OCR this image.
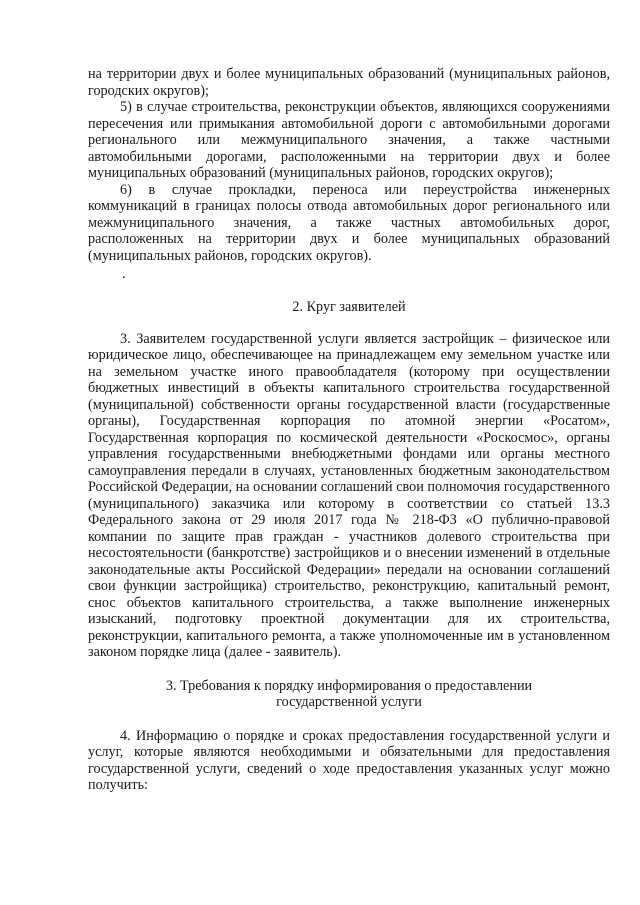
на территории двух и более муниципальных образований (муниципальных районов, городских округов);

5) в случае строительства, реконструкции объектов, являющихся сооружениями пересечения или примыкания автомобильной дороги с автомобильными дорогами регионального или межмуниципального значения, а также частными автомобильными дорогами, расположенными на территории двух и более муниципальных образований (муниципальных районов, городских округов);

6) в случае прокладки, переноса или переустройства инженерных коммуникаций в границах полосы отвода автомобильных дорог регионального или межмуниципального значения, а также частных автомобильных дорог, расположенных на территории двух и более муниципальных образований (муниципальных районов, городских округов).

.

2. Круг заявителей

3. Заявителем государственной услуги является застройщик – физическое или юридическое лицо, обеспечивающее на принадлежащем ему земельном участке или на земельном участке иного правообладателя (которому при осуществлении бюджетных инвестиций в объекты капитального строительства государственной (муниципальной) собственности органы государственной власти (государственные органы), Государственная корпорация по атомной энергии «Росатом», Государственная корпорация по космической деятельности «Роскосмос», органы управления государственными внебюджетными фондами или органы местного самоуправления передали в случаях, установленных бюджетным законодательством Российской Федерации, на основании соглашений свои полномочия государственного (муниципального) заказчика или которому в соответствии со статьей 13.3 Федерального закона от 29 июля 2017 года № 218-ФЗ «О публично-правовой компании по защите прав граждан - участников долевого строительства при несостоятельности (банкротстве) застройщиков и о внесении изменений в отдельные законодательные акты Российской Федерации» передали на основании соглашений свои функции застройщика) строительство, реконструкцию, капитальный ремонт, снос объектов капитального строительства, а также выполнение инженерных изысканий, подготовку проектной документации для их строительства, реконструкции, капитального ремонта, а также уполномоченные им в установленном законом порядке лица (далее - заявитель).

3. Требования к порядку информирования о предоставлении
государственной услуги

4. Информацию о порядке и сроках предоставления государственной услуги и услуг, которые являются необходимыми и обязательными для предоставления государственной услуги, сведений о ходе предоставления указанных услуг можно получить:
